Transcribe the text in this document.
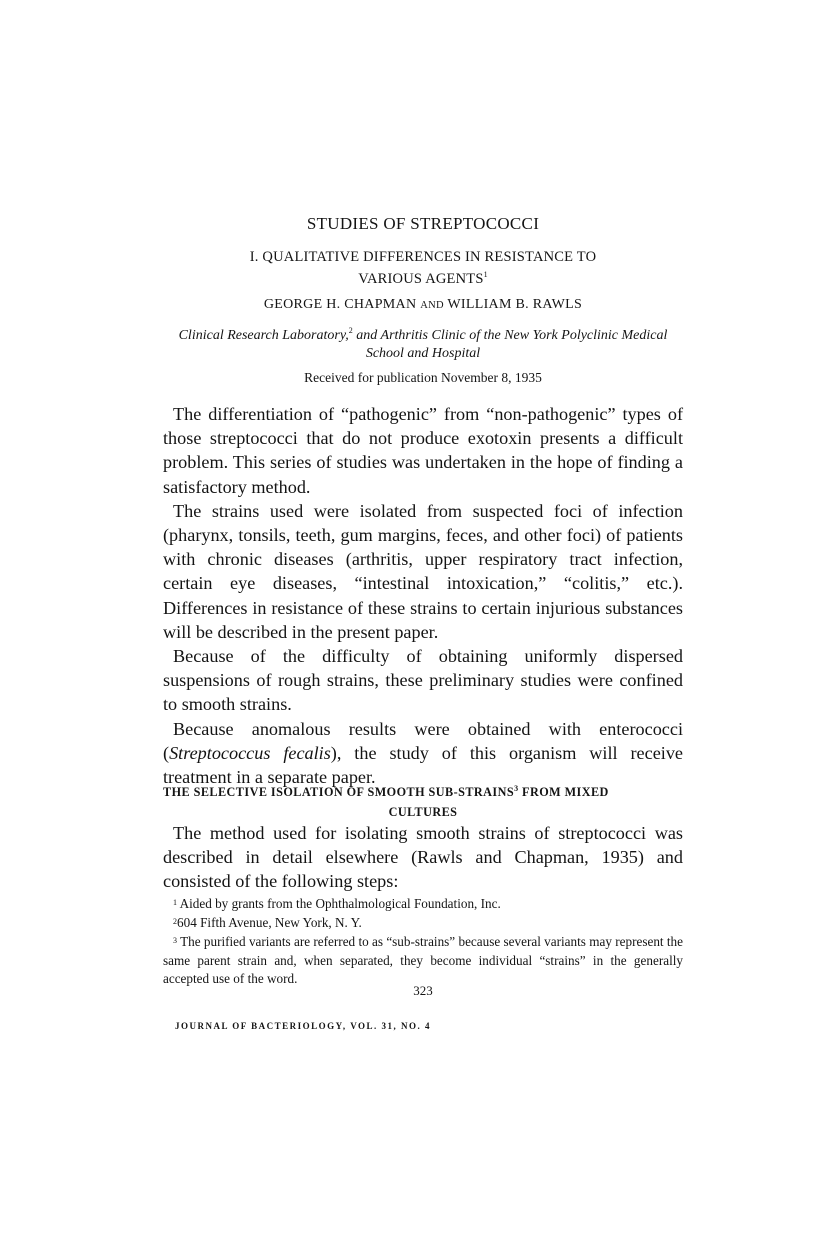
STUDIES OF STREPTOCOCCI
I. QUALITATIVE DIFFERENCES IN RESISTANCE TO
VARIOUS AGENTS$^1$
GEORGE H. CHAPMAN AND WILLIAM B. RAWLS
Clinical Research Laboratory,$^2$ and Arthritis Clinic of the New York Polyclinic Medical School and Hospital
Received for publication November 8, 1935

The differentiation of “pathogenic” from “non-pathogenic” types of those streptococci that do not produce exotoxin presents a difficult problem. This series of studies was undertaken in the hope of finding a satisfactory method.

The strains used were isolated from suspected foci of infection (pharynx, tonsils, teeth, gum margins, feces, and other foci) of patients with chronic diseases (arthritis, upper respiratory tract infection, certain eye diseases, “intestinal intoxication,” “colitis,” etc.). Differences in resistance of these strains to certain injurious substances will be described in the present paper.

Because of the difficulty of obtaining uniformly dispersed suspensions of rough strains, these preliminary studies were confined to smooth strains.

Because anomalous results were obtained with enterococci (Streptococcus fecalis), the study of this organism will receive treatment in a separate paper.

THE SELECTIVE ISOLATION OF SMOOTH SUB-STRAINS$^3$ FROM MIXED
CULTURES

The method used for isolating smooth strains of streptococci was described in detail elsewhere (Rawls and Chapman, 1935) and consisted of the following steps:

$^1$ Aided by grants from the Ophthalmological Foundation, Inc.

$^2$604 Fifth Avenue, New York, N. Y.

$^3$ The purified variants are referred to as “sub-strains” because several variants may represent the same parent strain and, when separated, they become individual “strains” in the generally accepted use of the word.

323
JOURNAL OF BACTERIOLOGY, VOL. 31, NO. 4
